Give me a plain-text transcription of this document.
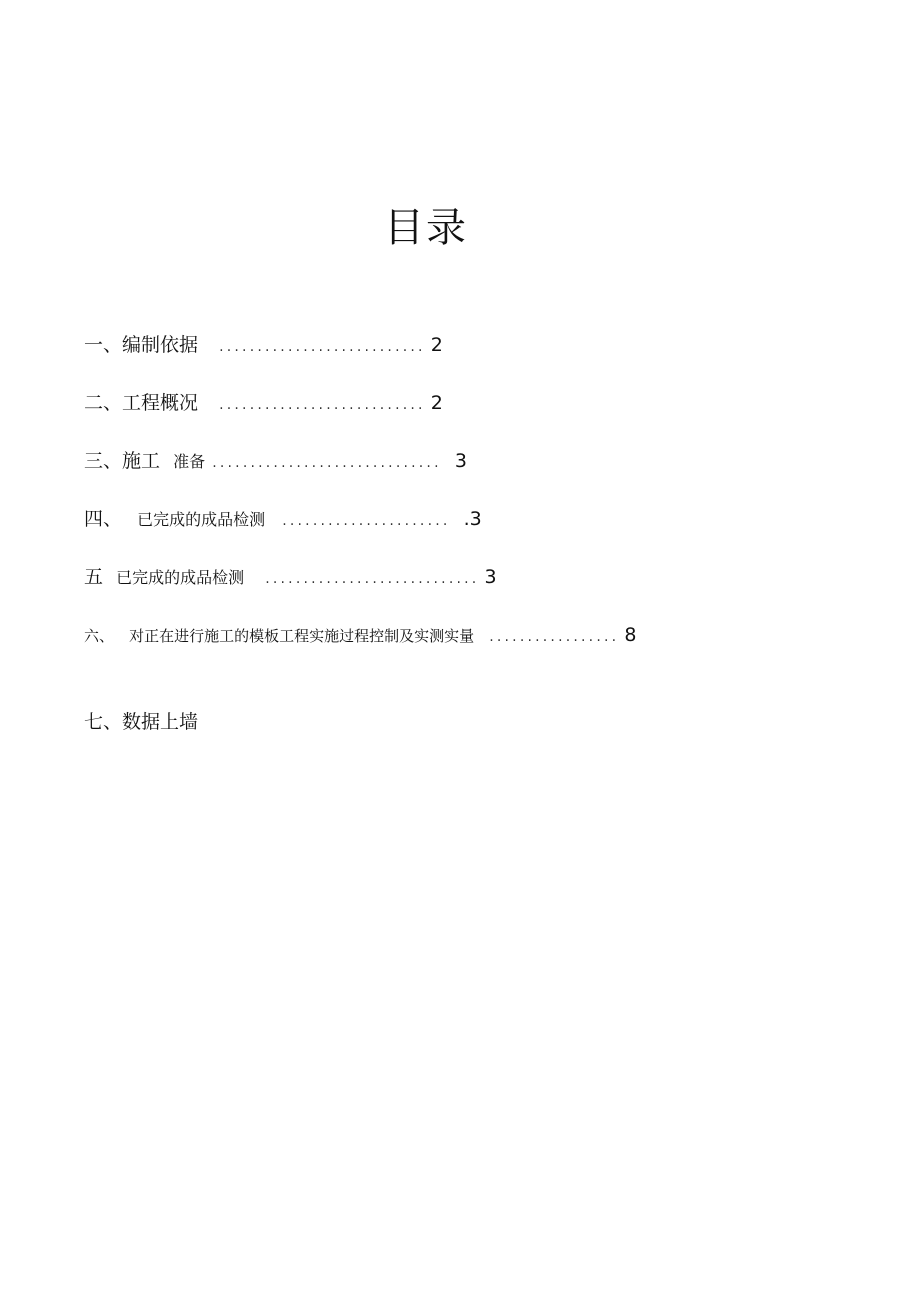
目录
一、编制依据 ........................... 2
二、工程概况 ........................... 2
三、施工 准备 .............................. 3
四、 已完成的成品检测 ...................... .3
五 已完成的成品检测 ............................ 3
六、 对正在进行施工的模板工程实施过程控制及实测实量 ................. 8
七、数据上墙
